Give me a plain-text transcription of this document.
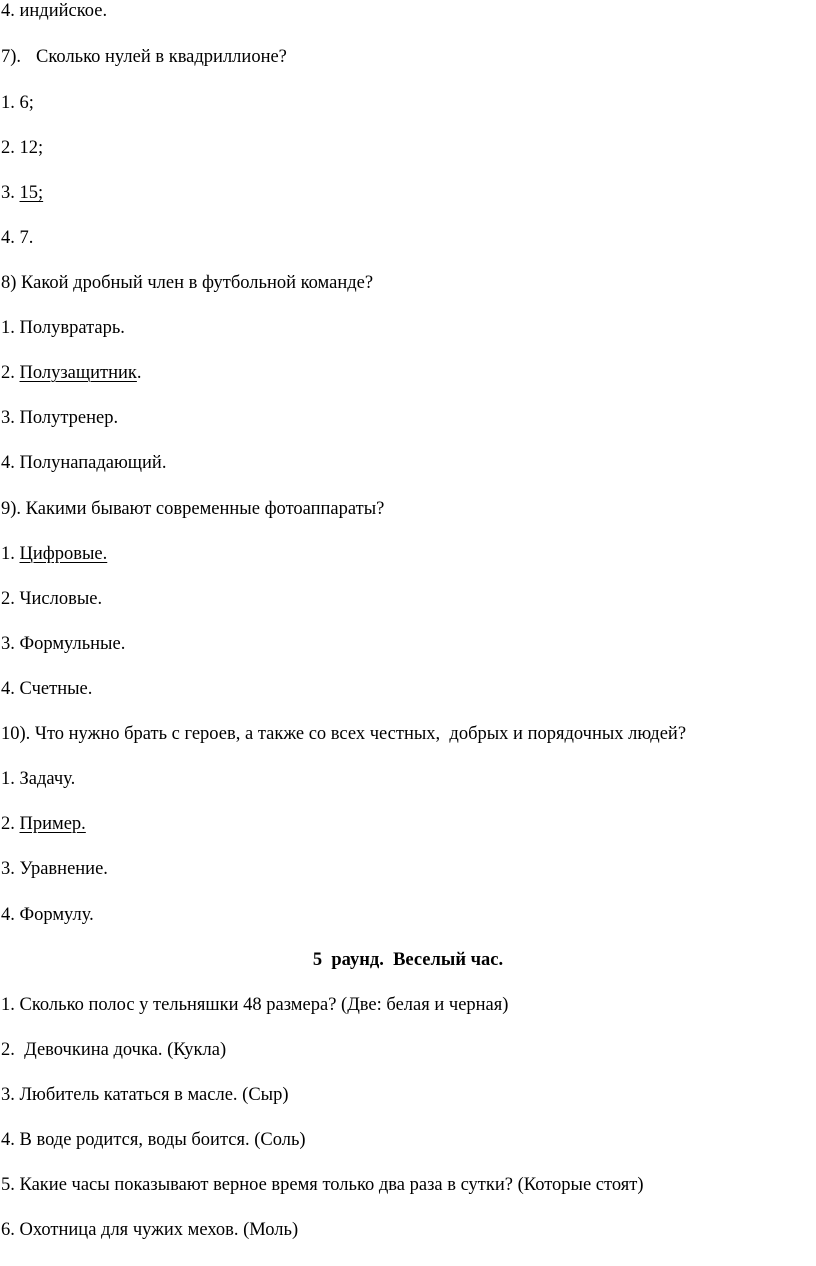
4. индийское.

7). Сколько нулей в квадриллионе?

1. 6;

2. 12;

3. 15;

4. 7.

8) Какой дробный член в футбольной команде?

1. Полувратарь.

2. Полузащитник.

3. Полутренер.

4. Полунападающий.

9). Какими бывают современные фотоаппараты?

1. Цифровые.

2. Числовые.

3. Формульные.

4. Счетные.

10). Что нужно брать с героев, а также со всех честных,  добрых и порядочных людей?

1. Задачу.

2. Пример.

3. Уравнение.

4. Формулу.

5  раунд.  Веселый час.

1. Сколько полос у тельняшки 48 размера? (Две: белая и черная)

2.  Девочкина дочка. (Кукла)

3. Любитель кататься в масле. (Сыр)

4. В воде родится, воды боится. (Соль)

5. Какие часы показывают верное время только два раза в сутки? (Которые стоят)

6. Охотница для чужих мехов. (Моль)
